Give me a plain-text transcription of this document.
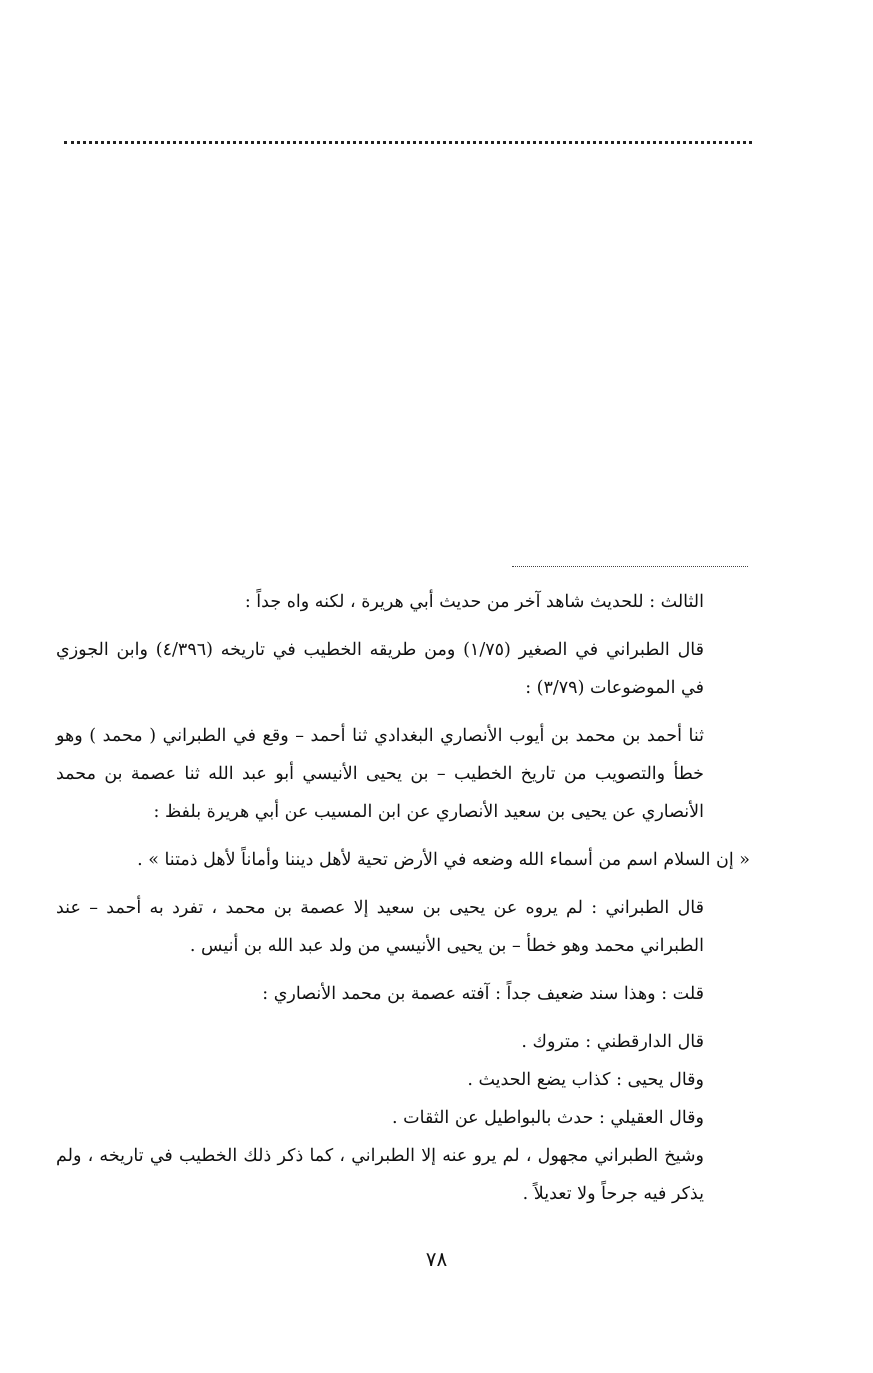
الثالث : للحديث شاهد آخر من حديث أبي هريرة ، لكنه واه جداً :

قال الطبراني في الصغير (١/٧٥) ومن طريقه الخطيب في تاريخه (٤/٣٩٦) وابن الجوزي في الموضوعات (٣/٧٩) :

ثنا أحمد بن محمد بن أيوب الأنصاري البغدادي ثنا أحمد – وقع في الطبراني ( محمد ) وهو خطأ والتصويب من تاريخ الخطيب – بن يحيى الأنيسي أبو عبد الله ثنا عصمة بن محمد الأنصاري عن يحيى بن سعيد الأنصاري عن ابن المسيب عن أبي هريرة بلفظ :

« إن السلام اسم من أسماء الله وضعه في الأرض تحية لأهل ديننا وأماناً لأهل ذمتنا » .

قال الطبراني : لم يروه عن يحيى بن سعيد إلا عصمة بن محمد ، تفرد به أحمد – عند الطبراني محمد وهو خطأ – بن يحيى الأنيسي من ولد عبد الله بن أنيس .

قلت : وهذا سند ضعيف جداً : آفته عصمة بن محمد الأنصاري :

قال الدارقطني : متروك .

وقال يحيى : كذاب يضع الحديث .

وقال العقيلي : حدث بالبواطيل عن الثقات .

وشيخ الطبراني مجهول ، لم يرو عنه إلا الطبراني ، كما ذكر ذلك الخطيب في تاريخه ، ولم يذكر فيه جرحاً ولا تعديلاً .

٧٨
